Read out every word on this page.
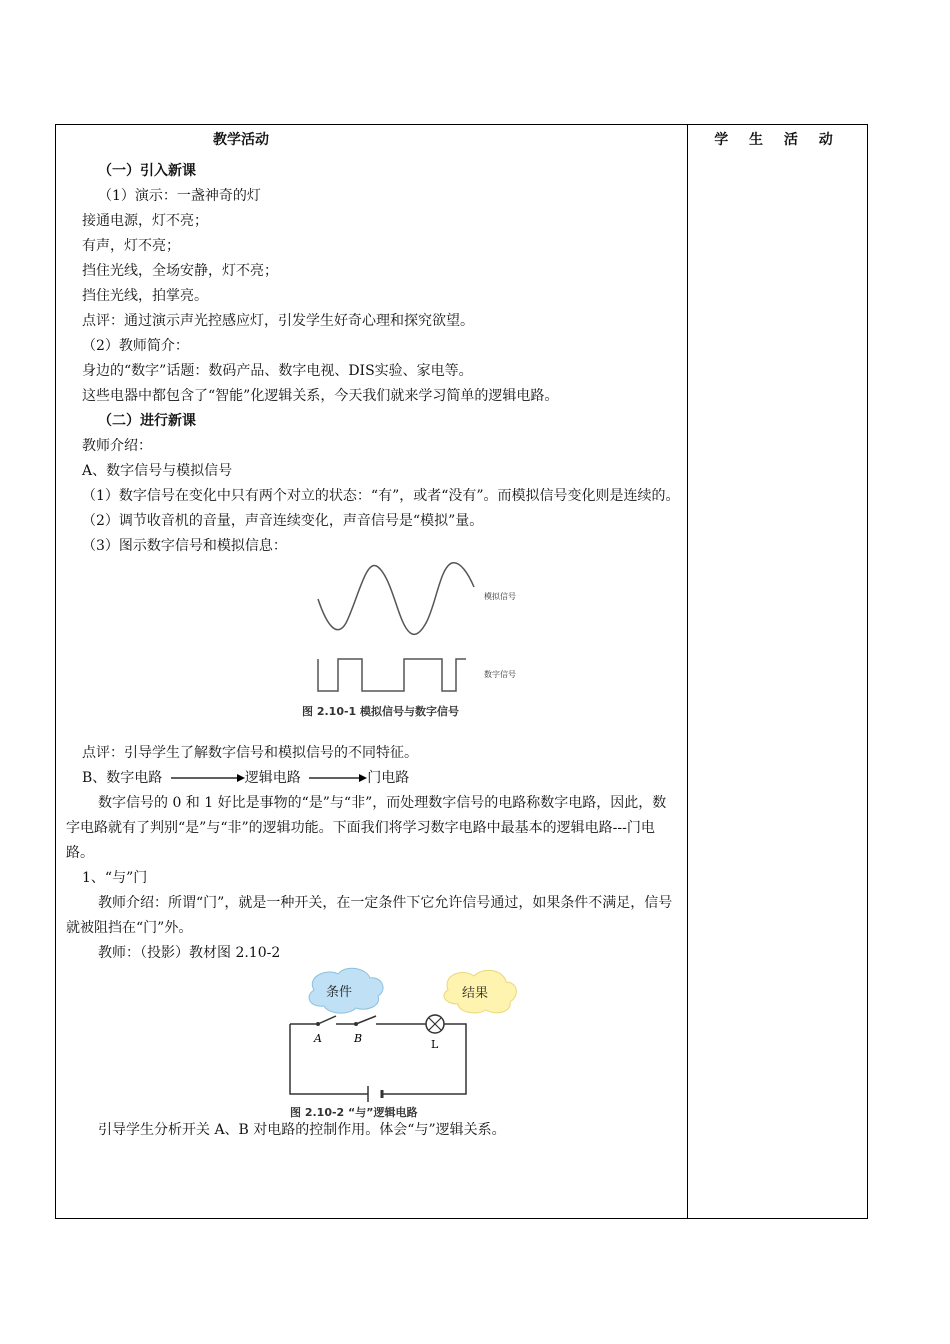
教学活动

（一）引入新课

（1）演示：一盏神奇的灯

接通电源，灯不亮；

有声，灯不亮；

挡住光线，全场安静，灯不亮；

挡住光线，拍掌亮。

点评：通过演示声光控感应灯，引发学生好奇心理和探究欲望。

（2）教师简介：

身边的“数字”话题：数码产品、数字电视、DIS实验、家电等。

这些电器中都包含了“智能”化逻辑关系，今天我们就来学习简单的逻辑电路。

（二）进行新课

教师介绍：

A、数字信号与模拟信号

（1）数字信号在变化中只有两个对立的状态：“有”，或者“没有”。而模拟信号变化则是连续的。

（2）调节收音机的音量，声音连续变化，声音信号是“模拟”量。

（3）图示数字信号和模拟信息：

模拟信号
数字信号
图 2.10-1 模拟信号与数字信号

点评：引导学生了解数字信号和模拟信号的不同特征。

B、数字电路	逻辑电路	门电路

数字信号的 0 和 1 好比是事物的“是”与“非”，而处理数字信号的电路称数字电路，因此，数字电路就有了判别“是”与“非”的逻辑功能。下面我们将学习数字电路中最基本的逻辑电路---门电路。

1、“与”门

教师介绍：所谓“门”，就是一种开关，在一定条件下它允许信号通过，如果条件不满足，信号就被阻挡在“门”外。

教师：（投影）教材图 2.10-2

条件	结果
A	B	L
图 2.10-2 “与”逻辑电路

引导学生分析开关 A、B 对电路的控制作用。体会“与”逻辑关系。

学 生 活 动
